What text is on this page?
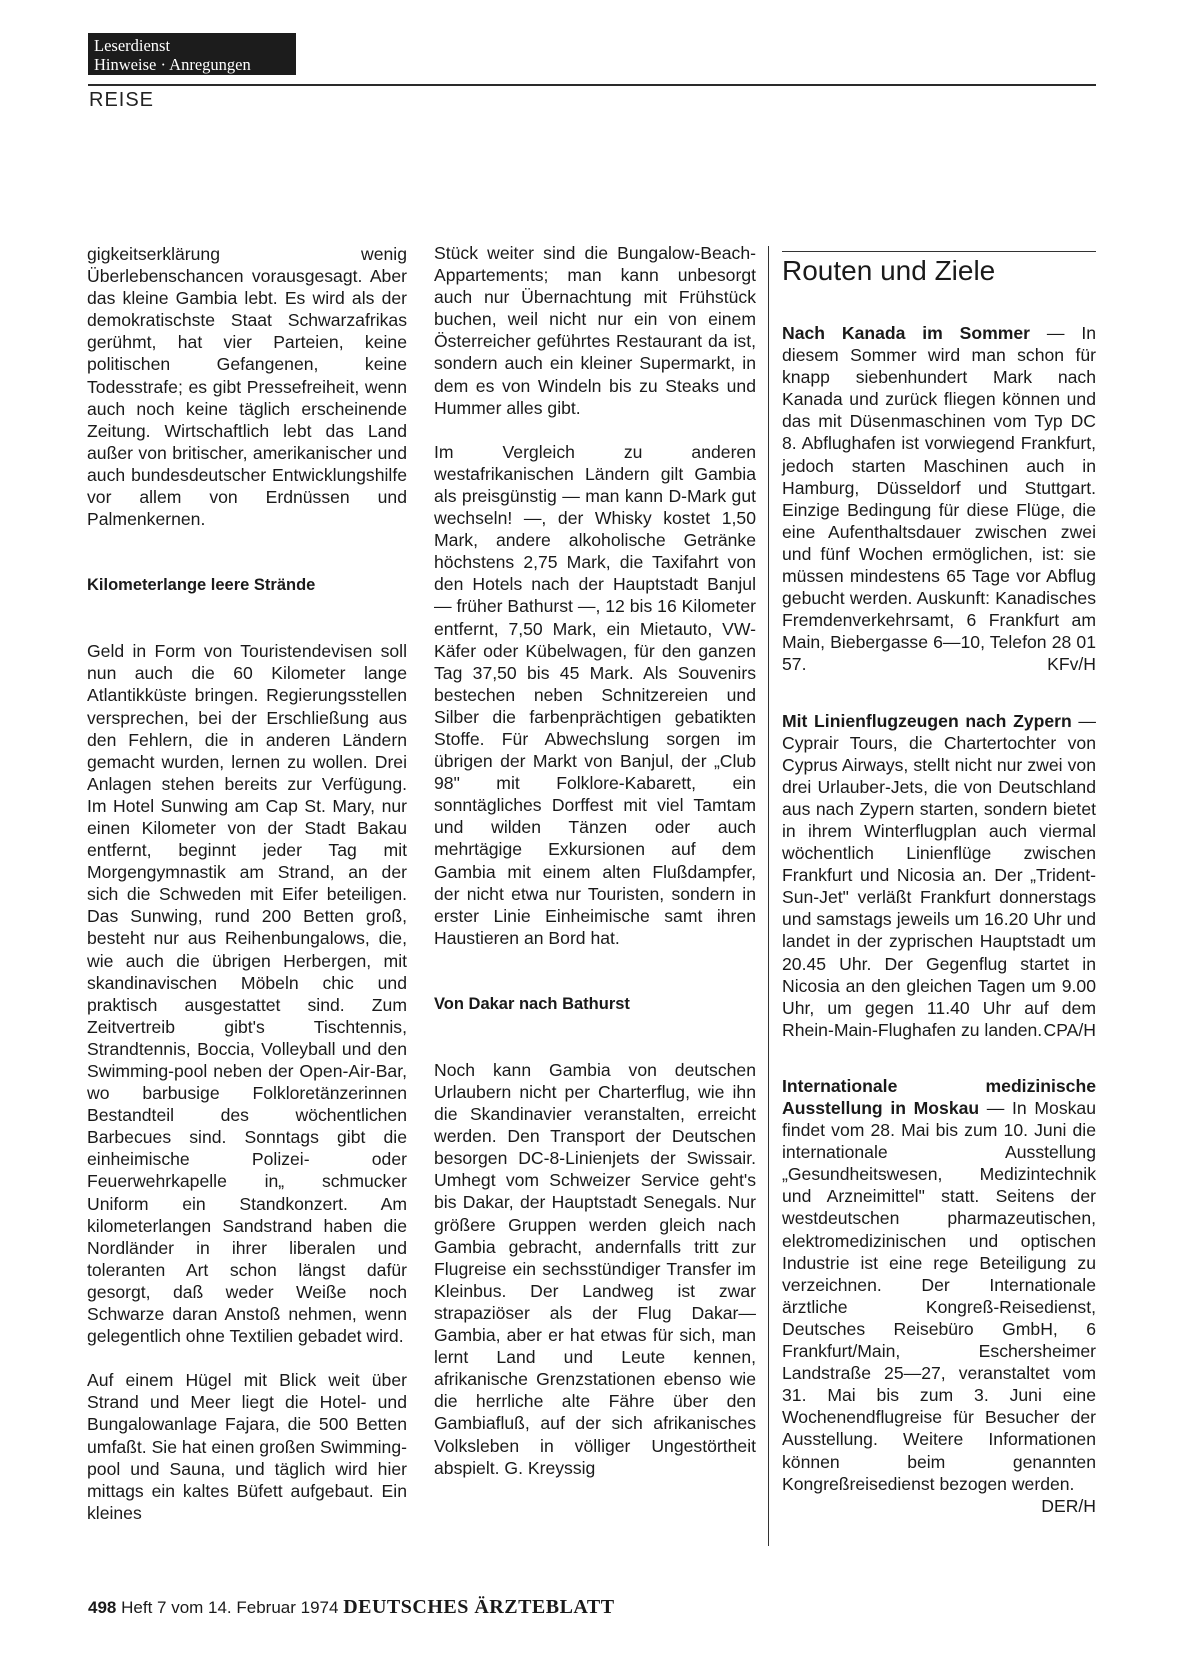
Leserdienst
Hinweise · Anregungen
REISE

gigkeitserklärung wenig Überlebenschancen vorausgesagt. Aber das kleine Gambia lebt. Es wird als der demokratischste Staat Schwarzafrikas gerühmt, hat vier Parteien, keine politischen Gefangenen, keine Todesstrafe; es gibt Pressefreiheit, wenn auch noch keine täglich erscheinende Zeitung. Wirtschaftlich lebt das Land außer von britischer, amerikanischer und auch bundesdeutscher Entwicklungshilfe vor allem von Erdnüssen und Palmenkernen.

Kilometerlange leere Strände

Geld in Form von Touristendevisen soll nun auch die 60 Kilometer lange Atlantikküste bringen. Regierungsstellen versprechen, bei der Erschließung aus den Fehlern, die in anderen Ländern gemacht wurden, lernen zu wollen. Drei Anlagen stehen bereits zur Verfügung. Im Hotel Sunwing am Cap St. Mary, nur einen Kilometer von der Stadt Bakau entfernt, beginnt jeder Tag mit Morgengymnastik am Strand, an der sich die Schweden mit Eifer beteiligen. Das Sunwing, rund 200 Betten groß, besteht nur aus Reihenbungalows, die, wie auch die übrigen Herbergen, mit skandinavischen Möbeln chic und praktisch ausgestattet sind. Zum Zeitvertreib gibt's Tischtennis, Strandtennis, Boccia, Volleyball und den Swimming-pool neben der Open-Air-Bar, wo barbusige Folkloretänzerinnen Bestandteil des wöchentlichen Barbecues sind. Sonntags gibt die einheimische Polizei- oder Feuerwehrkapelle in„ schmucker Uniform ein Standkonzert. Am kilometerlangen Sandstrand haben die Nordländer in ihrer liberalen und toleranten Art schon längst dafür gesorgt, daß weder Weiße noch Schwarze daran Anstoß nehmen, wenn gelegentlich ohne Textilien gebadet wird.

Auf einem Hügel mit Blick weit über Strand und Meer liegt die Hotel- und Bungalowanlage Fajara, die 500 Betten umfaßt. Sie hat einen großen Swimming-pool und Sauna, und täglich wird hier mittags ein kaltes Büfett aufgebaut. Ein kleines

Stück weiter sind die Bungalow-Beach-Appartements; man kann unbesorgt auch nur Übernachtung mit Frühstück buchen, weil nicht nur ein von einem Österreicher geführtes Restaurant da ist, sondern auch ein kleiner Supermarkt, in dem es von Windeln bis zu Steaks und Hummer alles gibt.

Im Vergleich zu anderen westafrikanischen Ländern gilt Gambia als preisgünstig — man kann D-Mark gut wechseln! —, der Whisky kostet 1,50 Mark, andere alkoholische Getränke höchstens 2,75 Mark, die Taxifahrt von den Hotels nach der Hauptstadt Banjul — früher Bathurst —, 12 bis 16 Kilometer entfernt, 7,50 Mark, ein Mietauto, VW-Käfer oder Kübelwagen, für den ganzen Tag 37,50 bis 45 Mark. Als Souvenirs bestechen neben Schnitzereien und Silber die farbenprächtigen gebatikten Stoffe. Für Abwechslung sorgen im übrigen der Markt von Banjul, der „Club 98" mit Folklore-Kabarett, ein sonntägliches Dorffest mit viel Tamtam und wilden Tänzen oder auch mehrtägige Exkursionen auf dem Gambia mit einem alten Flußdampfer, der nicht etwa nur Touristen, sondern in erster Linie Einheimische samt ihren Haustieren an Bord hat.

Von Dakar nach Bathurst

Noch kann Gambia von deutschen Urlaubern nicht per Charterflug, wie ihn die Skandinavier veranstalten, erreicht werden. Den Transport der Deutschen besorgen DC-8-Linienjets der Swissair. Umhegt vom Schweizer Service geht's bis Dakar, der Hauptstadt Senegals. Nur größere Gruppen werden gleich nach Gambia gebracht, andernfalls tritt zur Flugreise ein sechsstündiger Transfer im Kleinbus. Der Landweg ist zwar strapaziöser als der Flug Dakar—Gambia, aber er hat etwas für sich, man lernt Land und Leute kennen, afrikanische Grenzstationen ebenso wie die herrliche alte Fähre über den Gambiafluß, auf der sich afrikanisches Volksleben in völliger Ungestörtheit abspielt. G. Kreyssig

Routen und Ziele

Nach Kanada im Sommer — In diesem Sommer wird man schon für knapp siebenhundert Mark nach Kanada und zurück fliegen können und das mit Düsenmaschinen vom Typ DC 8. Abflughafen ist vorwiegend Frankfurt, jedoch starten Maschinen auch in Hamburg, Düsseldorf und Stuttgart. Einzige Bedingung für diese Flüge, die eine Aufenthaltsdauer zwischen zwei und fünf Wochen ermöglichen, ist: sie müssen mindestens 65 Tage vor Abflug gebucht werden. Auskunft: Kanadisches Fremdenverkehrsamt, 6 Frankfurt am Main, Biebergasse 6—10, Telefon 28 01 57.	KFv/H

Mit Linienflugzeugen nach Zypern — Cyprair Tours, die Chartertochter von Cyprus Airways, stellt nicht nur zwei von drei Urlauber-Jets, die von Deutschland aus nach Zypern starten, sondern bietet in ihrem Winterflugplan auch viermal wöchentlich Linienflüge zwischen Frankfurt und Nicosia an. Der „Trident-Sun-Jet" verläßt Frankfurt donnerstags und samstags jeweils um 16.20 Uhr und landet in der zyprischen Hauptstadt um 20.45 Uhr. Der Gegenflug startet in Nicosia an den gleichen Tagen um 9.00 Uhr, um gegen 11.40 Uhr auf dem Rhein-Main-Flughafen zu landen. CPA/H

Internationale medizinische Ausstellung in Moskau — In Moskau findet vom 28. Mai bis zum 10. Juni die internationale Ausstellung „Gesundheitswesen, Medizintechnik und Arzneimittel" statt. Seitens der westdeutschen pharmazeutischen, elektromedizinischen und optischen Industrie ist eine rege Beteiligung zu verzeichnen. Der Internationale ärztliche Kongreß-Reisedienst, Deutsches Reisebüro GmbH, 6 Frankfurt/Main, Eschersheimer Landstraße 25—27, veranstaltet vom 31. Mai bis zum 3. Juni eine Wochenendflugreise für Besucher der Ausstellung. Weitere Informationen können beim genannten Kongreßreisedienst bezogen werden.
DER/H

498 Heft 7 vom 14. Februar 1974 DEUTSCHES ÄRZTEBLATT
